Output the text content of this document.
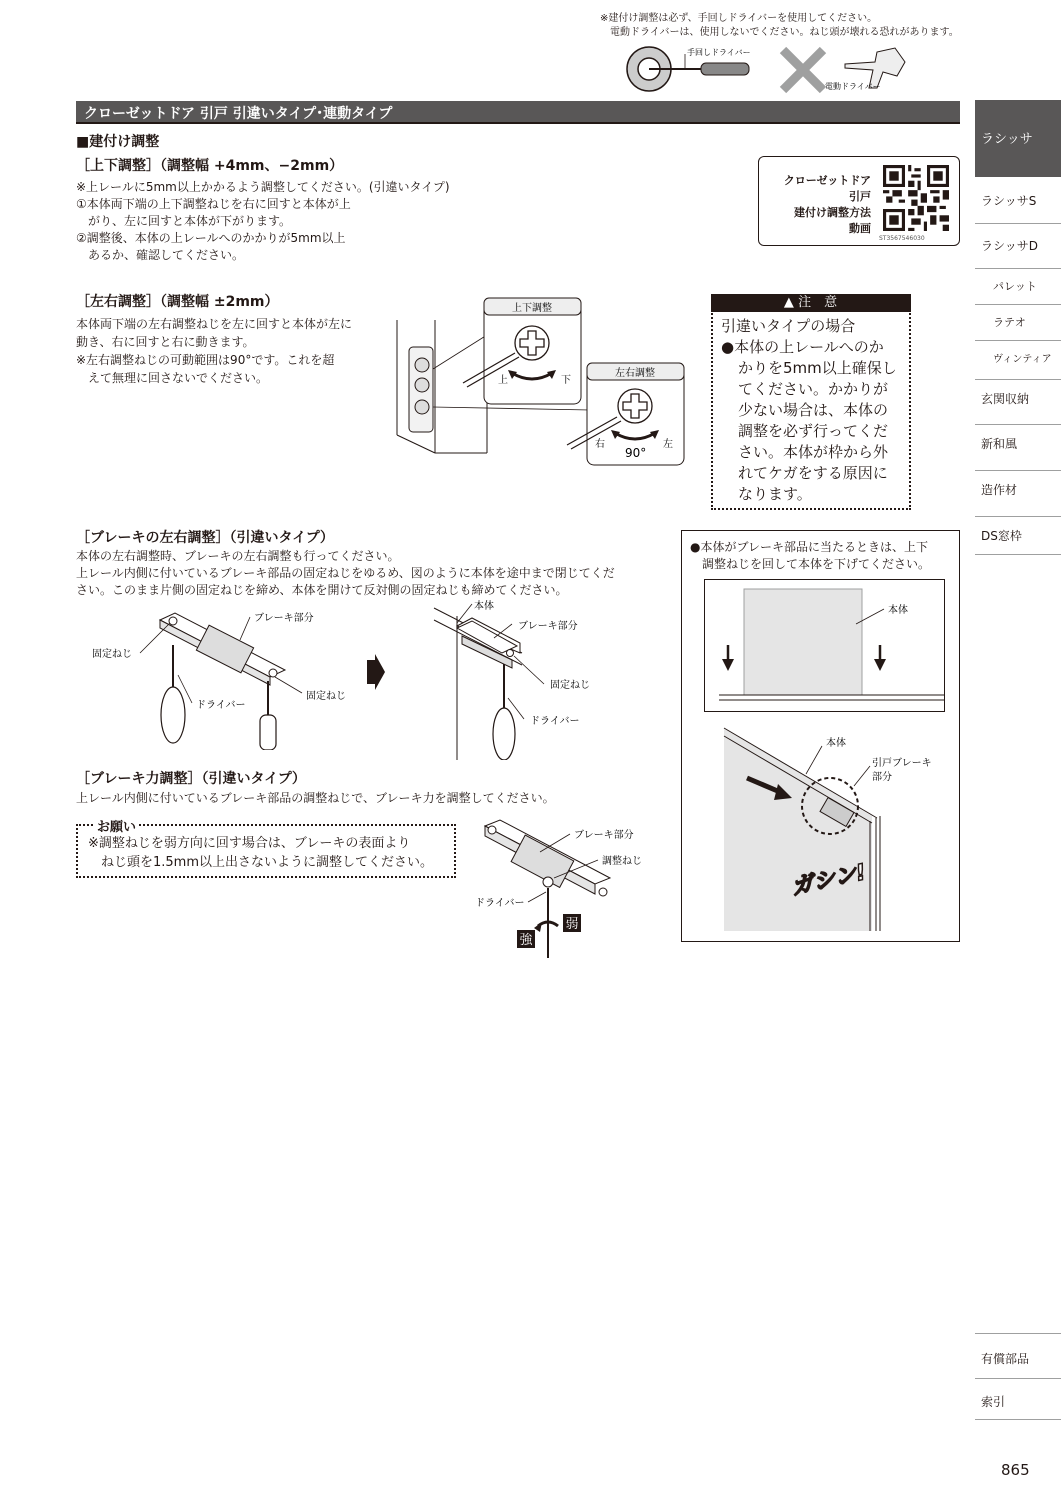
※建付け調整は必ず、手回しドライバーを使用してください。
電動ドライバーは、使用しないでください。ねじ頭が壊れる恐れがあります。
手回しドライバー
電動ドライバー
クローゼットドア 引戸 引違いタイプ･連動タイプ
ラシッサ
ラシッサS
ラシッサD
パレット
ラテオ
ヴィンティア
玄関収納
新和風
造作材
DS窓枠
有償部品
索引
865
■建付け調整
［上下調整］（調整幅 +4mm、−2mm）
※上レールに5mm以上かかるよう調整してください。(引違いタイプ)
①本体両下端の上下調整ねじを右に回すと本体が上
　がり、左に回すと本体が下がります。
②調整後、本体の上レールへのかかりが5mm以上
　あるか、確認してください。
クローゼットドア
引戸
建付け調整方法
動画
ST3567546030
［左右調整］（調整幅 ±2mm）
本体両下端の左右調整ねじを左に回すと本体が左に
動き、右に回すと右に動きます。
※左右調整ねじの可動範囲は90°です。これを超
　えて無理に回さないでください。
上下調整
上	下
左右調整
右	左
90°
▲ 注　意
引違いタイプの場合
●本体の上レールへのか
かりを5mm以上確保し
てください。かかりが
少ない場合は、本体の
調整を必ず行ってくだ
さい。本体が枠から外
れてケガをする原因に
なります。
［ブレーキの左右調整］（引違いタイプ）
本体の左右調整時、ブレーキの左右調整も行ってください。
上レール内側に付いているブレーキ部品の固定ねじをゆるめ、図のように本体を途中まで閉じてくだ
さい。このまま片側の固定ねじを締め、本体を開けて反対側の固定ねじも締めてください。
ブレーキ部分
固定ねじ
固定ねじ
ドライバー
本体
ブレーキ部分
固定ねじ
ドライバー
［ブレーキ力調整］（引違いタイプ）
上レール内側に付いているブレーキ部品の調整ねじで、ブレーキ力を調整してください。
お願い
※調整ねじを弱方向に回す場合は、ブレーキの表面より
　ねじ頭を1.5mm以上出さないように調整してください。
強
弱
ブレーキ部分
調整ねじ
ドライバー
●本体がブレーキ部品に当たるときは、上下
　調整ねじを回して本体を下げてください。
本体
本体
引戸ブレーキ
部分
ガシン!
